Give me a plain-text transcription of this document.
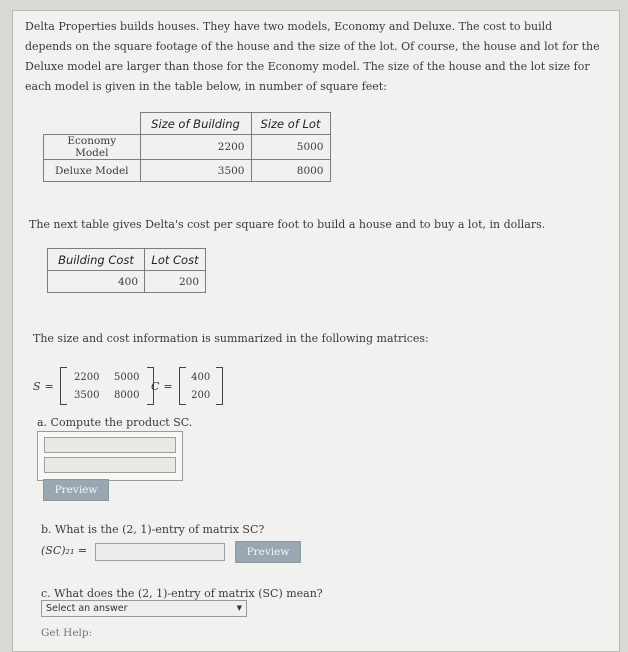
Delta Properties builds houses. They have two models, Economy and Deluxe. The cost to build depends on the square footage of the house and the size of the lot. Of course, the house and lot for the Deluxe model are larger than those for the Economy model. The size of the house and the lot size for each model is given in the table below, in number of square feet:
	Size of Building	Size of Lot
Economy Model	2200	5000
Deluxe Model	3500	8000
The next table gives Delta's cost per square foot to build a house and to buy a lot, in dollars.
Building Cost	Lot Cost
400	200
The size and cost information is summarized in the following matrices:
S =
2200	5000
3500	8000
C =
400
200
a. Compute the product SC.
Preview
b. What is the (2, 1)-entry of matrix SC?
(SC)₂₁ =	Preview
c. What does the (2, 1)-entry of matrix (SC) mean?
Select an answer	▼
Get Help:
